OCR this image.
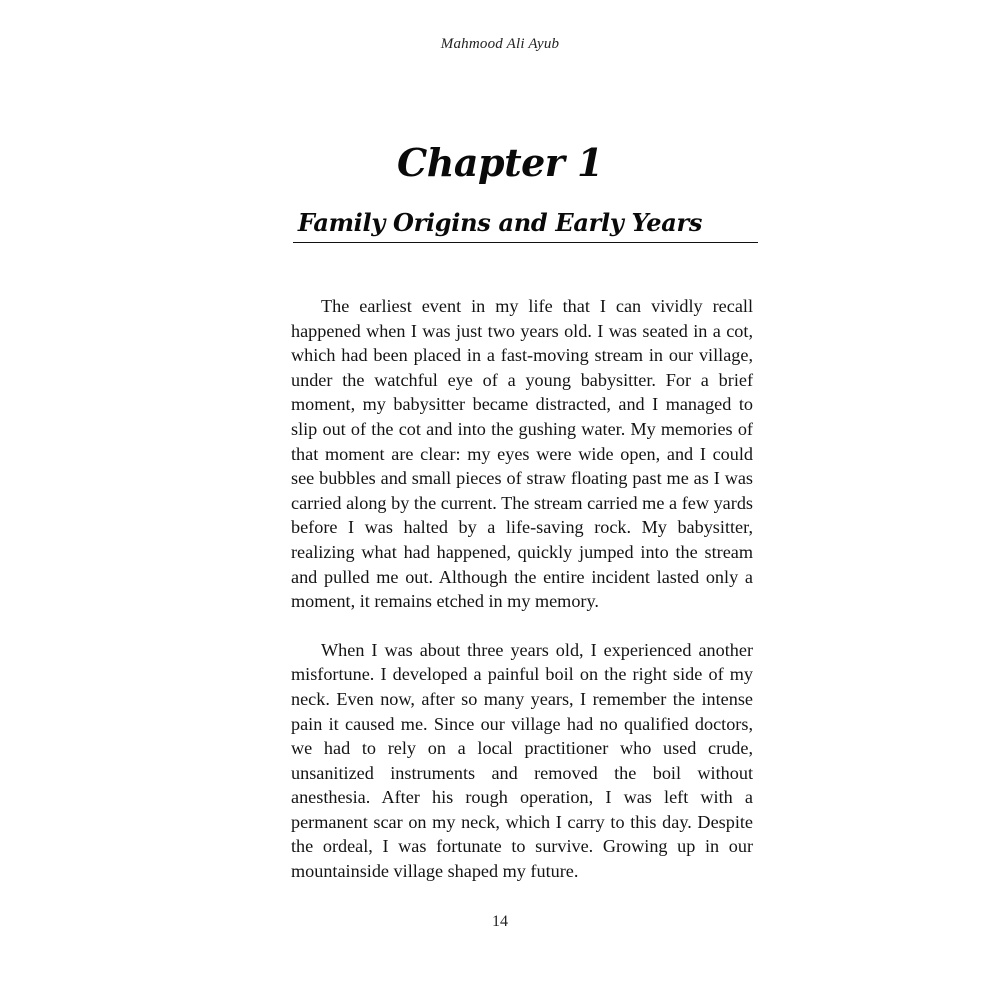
Mahmood Ali Ayub
Chapter 1
Family Origins and Early Years

The earliest event in my life that I can vividly recall happened when I was just two years old. I was seated in a cot, which had been placed in a fast-moving stream in our village, under the watchful eye of a young babysitter. For a brief moment, my babysitter became distracted, and I managed to slip out of the cot and into the gushing water. My memories of that moment are clear: my eyes were wide open, and I could see bubbles and small pieces of straw floating past me as I was carried along by the current. The stream carried me a few yards before I was halted by a life-saving rock. My babysitter, realizing what had happened, quickly jumped into the stream and pulled me out. Although the entire incident lasted only a moment, it remains etched in my memory.

When I was about three years old, I experienced another misfortune. I developed a painful boil on the right side of my neck. Even now, after so many years, I remember the intense pain it caused me. Since our village had no qualified doctors, we had to rely on a local practitioner who used crude, unsanitized instruments and removed the boil without anesthesia. After his rough operation, I was left with a permanent scar on my neck, which I carry to this day. Despite the ordeal, I was fortunate to survive. Growing up in our mountainside village shaped my future.

14
